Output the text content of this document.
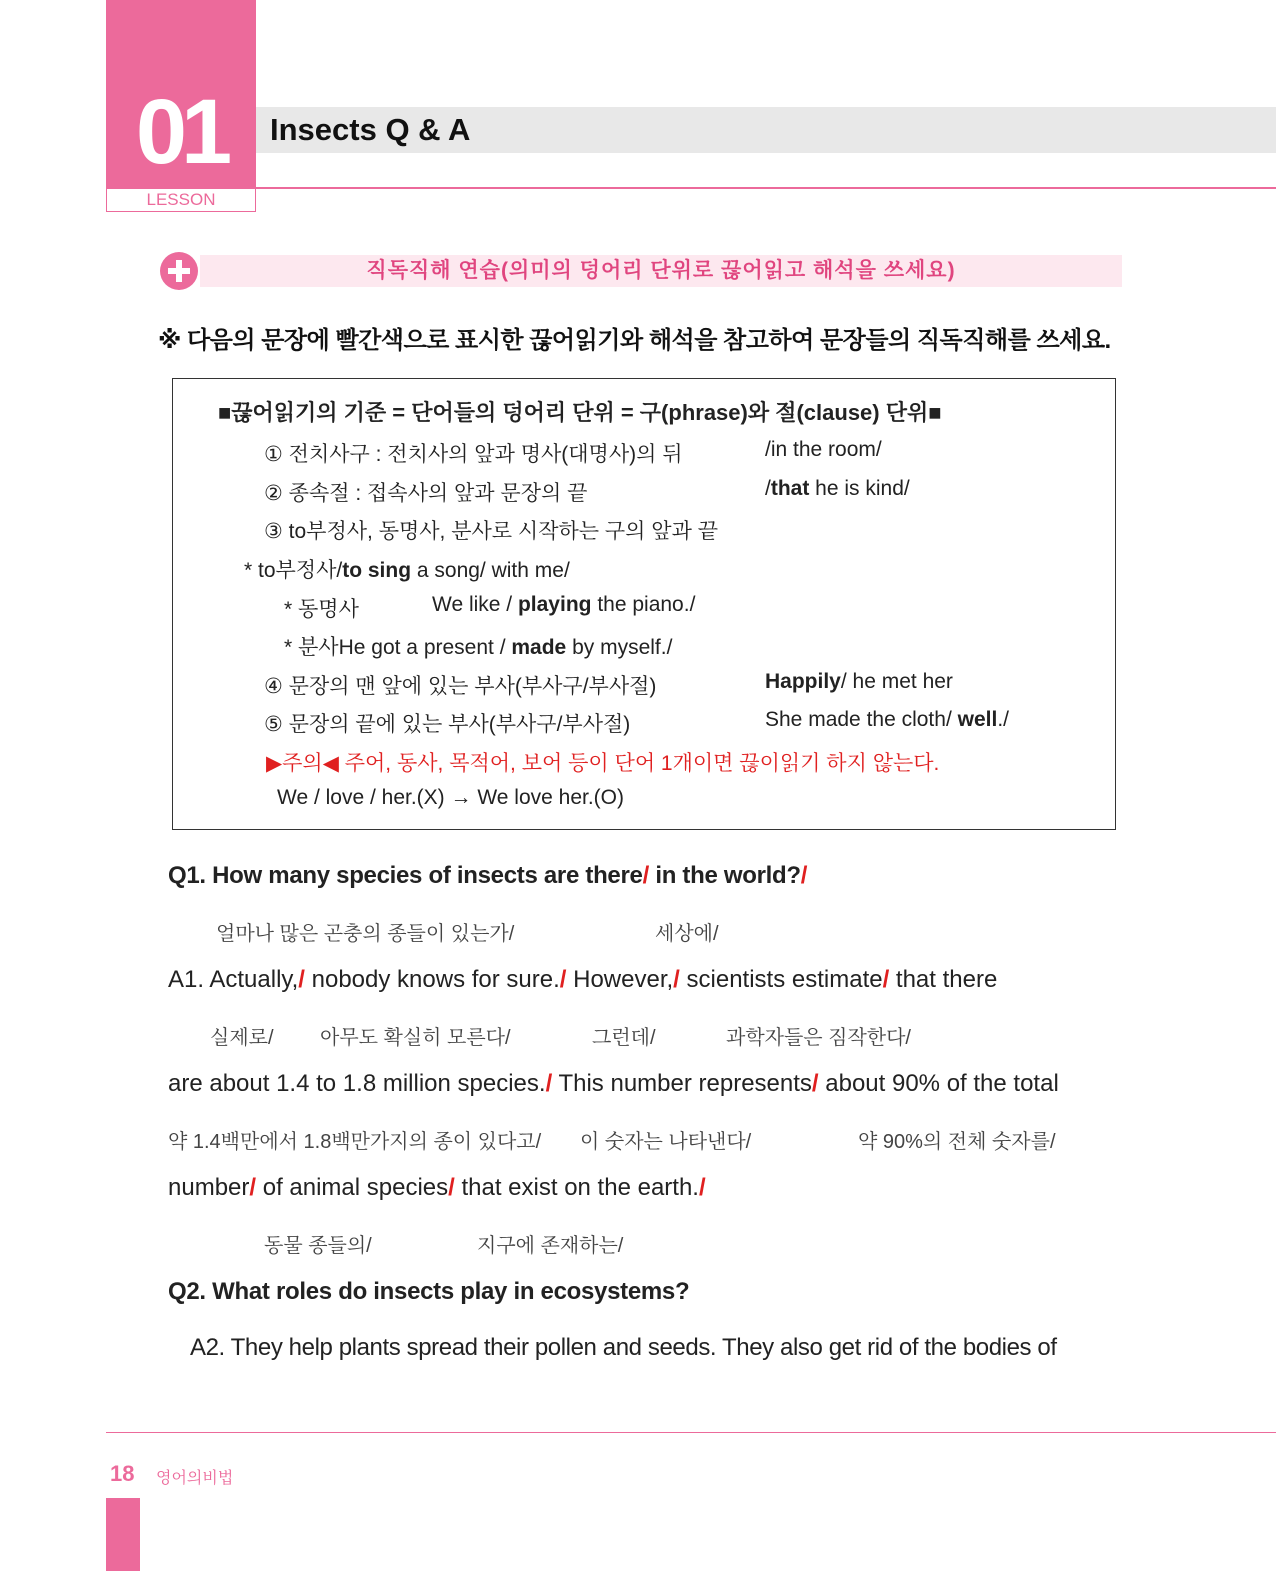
01
LESSON
Insects Q & A
직독직해 연습(의미의 덩어리 단위로 끊어읽고 해석을 쓰세요)
※ 다음의 문장에 빨간색으로 표시한 끊어읽기와 해석을 참고하여 문장들의 직독직해를 쓰세요.
■끊어읽기의 기준 = 단어들의 덩어리 단위 = 구(phrase)와 절(clause) 단위■
① 전치사구 : 전치사의 앞과 명사(대명사)의 뒤	/in the room/
② 종속절 : 접속사의 앞과 문장의 끝	/that he is kind/
③ to부정사, 동명사, 분사로 시작하는 구의 앞과 끝
* to부정사/to sing a song/ with me/
* 동명사	We like / playing the piano./
* 분사He got a present / made by myself./
④ 문장의 맨 앞에 있는 부사(부사구/부사절)	Happily/ he met her
⑤ 문장의 끝에 있는 부사(부사구/부사절)	She made the cloth/ well./
▶주의◀ 주어, 동사, 목적어, 보어 등이 단어 1개이면 끊이읽기 하지 않는다.
We / love / her.(X) → We love her.(O)
Q1. How many species of insects are there/ in the world?/
얼마나 많은 곤충의 종들이 있는가/	세상에/
A1. Actually,/ nobody knows for sure./ However,/ scientists estimate/ that there
실제로/ 아무도 확실히 모른다/	그런데/	과학자들은 짐작한다/
are about 1.4 to 1.8 million species./ This number represents/ about 90% of the total
약 1.4백만에서 1.8백만가지의 종이 있다고/ 이 숫자는 나타낸다/	약 90%의 전체 숫자를/
number/ of animal species/ that exist on the earth./
동물 종들의/	지구에 존재하는/
Q2. What roles do insects play in ecosystems?
A2. They help plants spread their pollen and seeds. They also get rid of the bodies of
18 영어의비법
